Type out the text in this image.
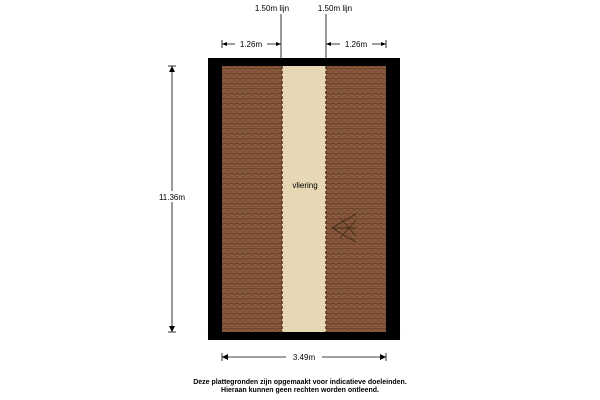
1.50m lijn	1.50m lijn
1.26m	1.26m
11.36m
3.49m
vliering
Deze plattegronden zijn opgemaakt voor indicatieve doeleinden.
Hieraan kunnen geen rechten worden ontleend.
